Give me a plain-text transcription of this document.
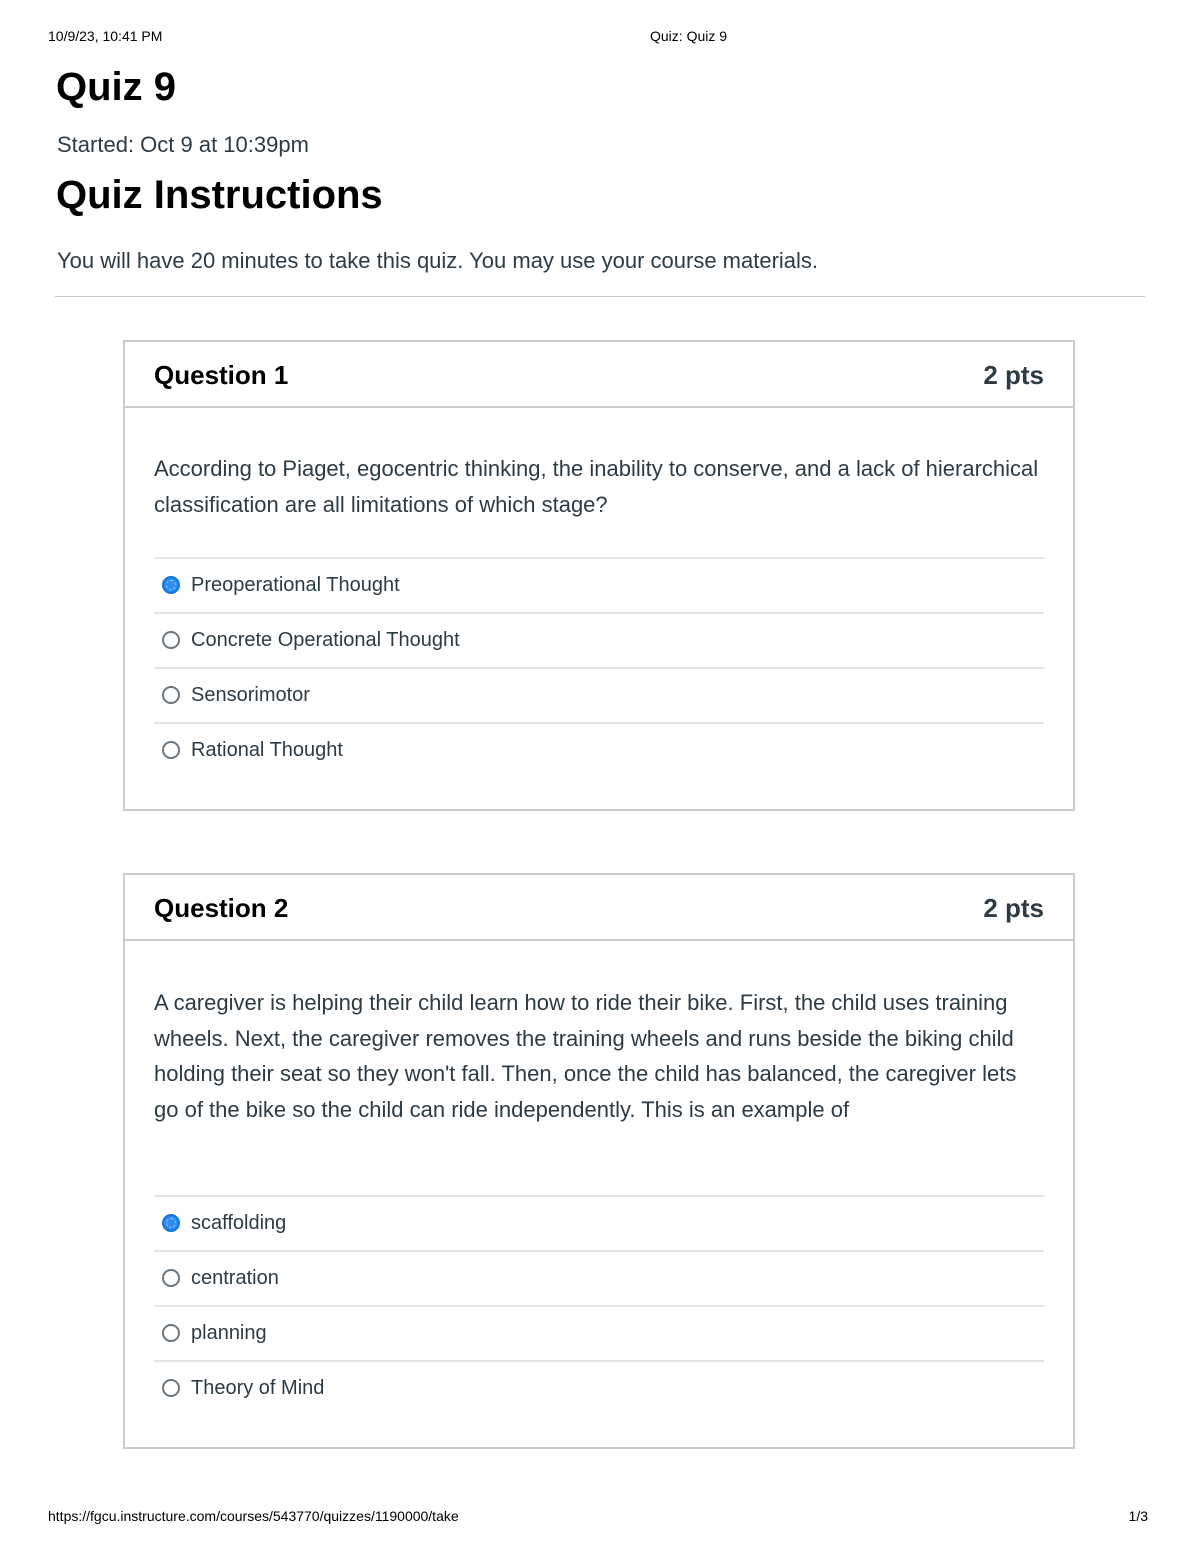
10/9/23, 10:41 PM	Quiz: Quiz 9
Quiz 9
Started: Oct 9 at 10:39pm
Quiz Instructions
You will have 20 minutes to take this quiz. You may use your course materials.
Question 1	2 pts

According to Piaget, egocentric thinking, the inability to conserve, and a lack of hierarchical classification are all limitations of which stage?

Preoperational Thought
Concrete Operational Thought
Sensorimotor
Rational Thought
Question 2	2 pts

A caregiver is helping their child learn how to ride their bike. First, the child uses training wheels. Next, the caregiver removes the training wheels and runs beside the biking child holding their seat so they won't fall. Then, once the child has balanced, the caregiver lets go of the bike so the child can ride independently. This is an example of

scaffolding
centration
planning
Theory of Mind
https://fgcu.instructure.com/courses/543770/quizzes/1190000/take	1/3
